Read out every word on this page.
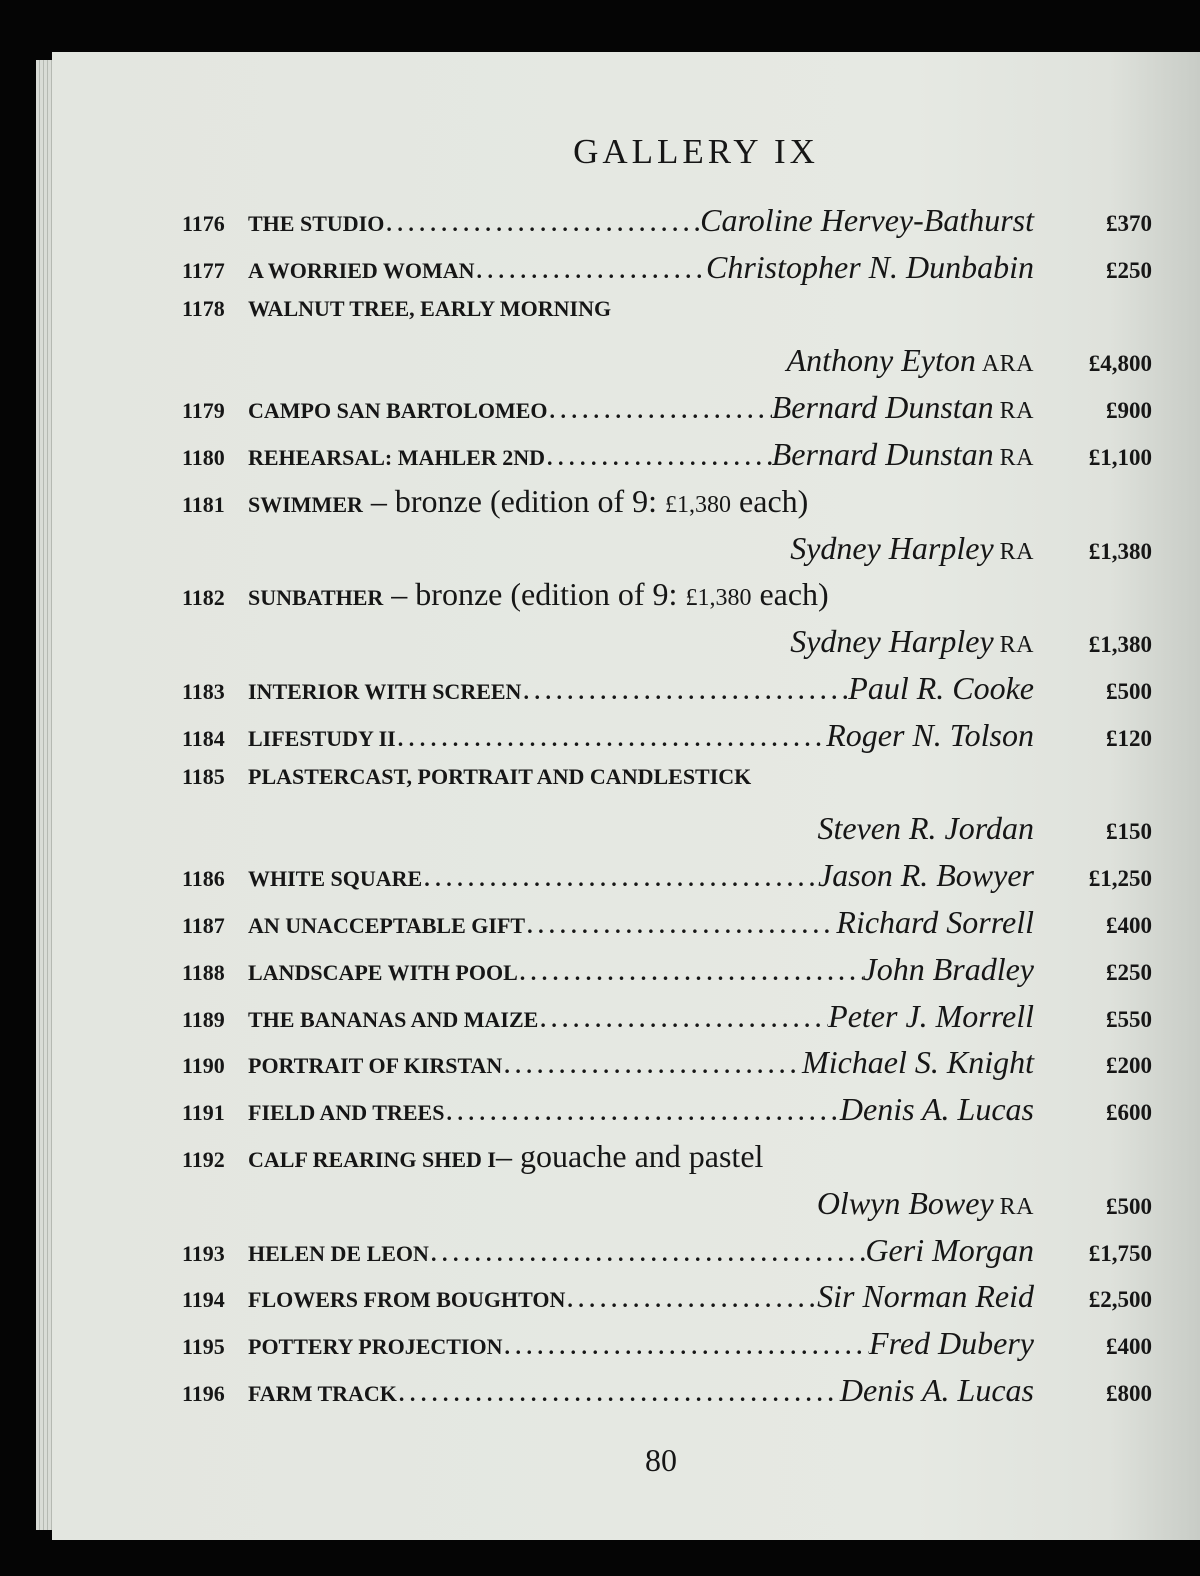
GALLERY IX
1176	THE STUDIO . . .	Caroline Hervey-Bathurst	£370
1177	A WORRIED WOMAN . . .	Christopher N. Dunbabin	£250
1178	WALNUT TREE, EARLY MORNING
Anthony Eyton ARA	£4,800
1179	CAMPO SAN BARTOLOMEO . . .	Bernard Dunstan RA	£900
1180	REHEARSAL: MAHLER 2ND . . .	Bernard Dunstan RA	£1,100
1181	SWIMMER – bronze (edition of 9: £1,380 each)
Sydney Harpley RA	£1,380
1182	SUNBATHER – bronze (edition of 9: £1,380 each)
Sydney Harpley RA	£1,380
1183	INTERIOR WITH SCREEN . . .	Paul R. Cooke	£500
1184	LIFESTUDY II . . .	Roger N. Tolson	£120
1185	PLASTERCAST, PORTRAIT AND CANDLESTICK
Steven R. Jordan	£150
1186	WHITE SQUARE . . .	Jason R. Bowyer	£1,250
1187	AN UNACCEPTABLE GIFT . . .	Richard Sorrell	£400
1188	LANDSCAPE WITH POOL . . .	John Bradley	£250
1189	THE BANANAS AND MAIZE . . .	Peter J. Morrell	£550
1190	PORTRAIT OF KIRSTAN . . .	Michael S. Knight	£200
1191	FIELD AND TREES . . .	Denis A. Lucas	£600
1192	CALF REARING SHED I – gouache and pastel
Olwyn Bowey RA	£500
1193	HELEN DE LEON . . .	Geri Morgan	£1,750
1194	FLOWERS FROM BOUGHTON . . .	Sir Norman Reid	£2,500
1195	POTTERY PROJECTION . . .	Fred Dubery	£400
1196	FARM TRACK . . .	Denis A. Lucas	£800
80
